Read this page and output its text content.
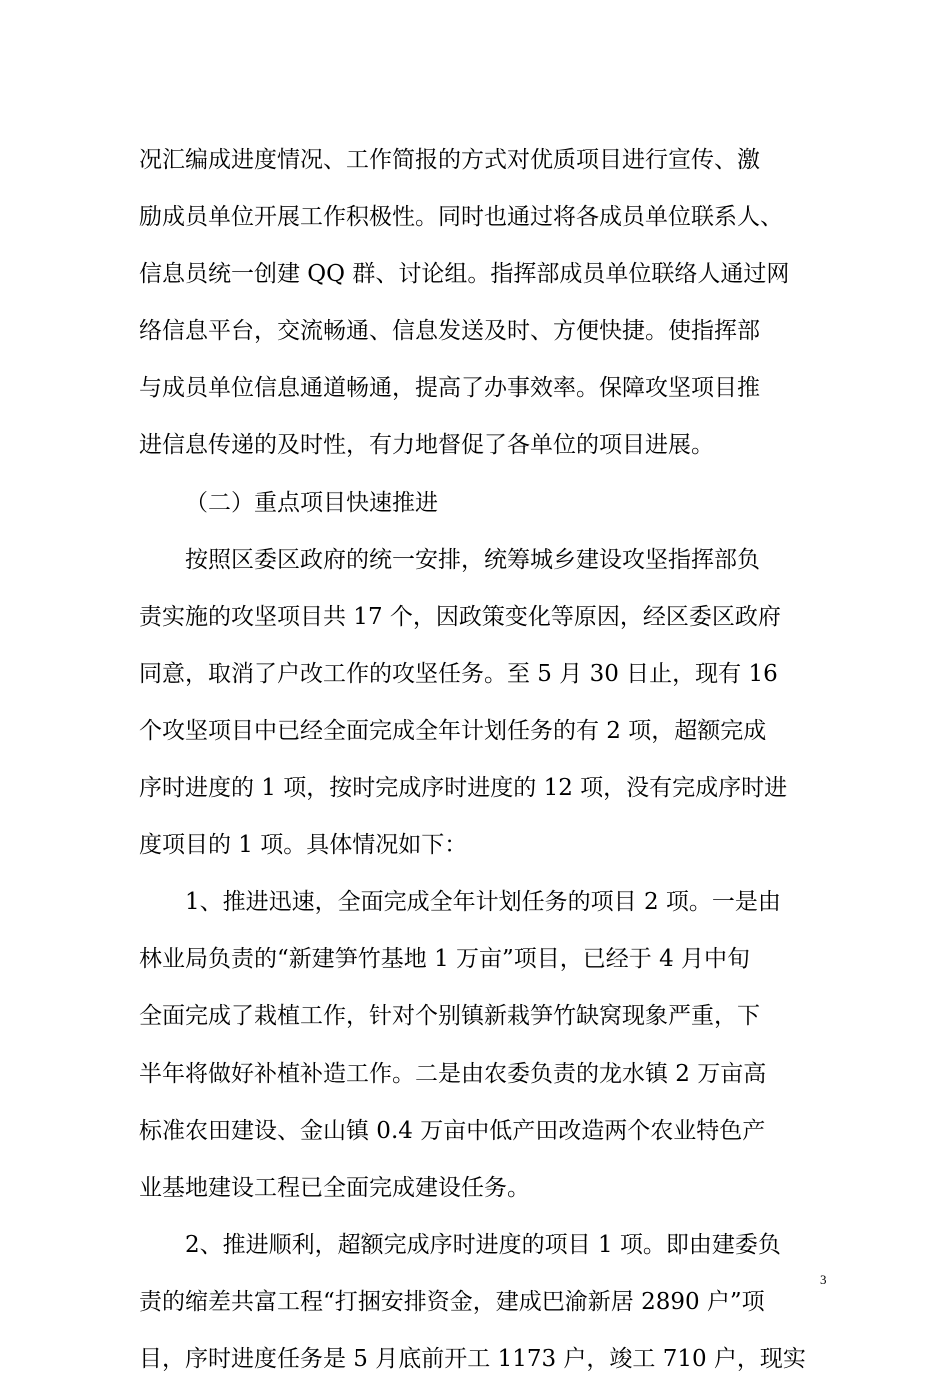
况汇编成进度情况、工作简报的方式对优质项目进行宣传、激
励成员单位开展工作积极性。同时也通过将各成员单位联系人、
信息员统一创建 QQ 群、讨论组。指挥部成员单位联络人通过网
络信息平台，交流畅通、信息发送及时、方便快捷。使指挥部
与成员单位信息通道畅通，提高了办事效率。保障攻坚项目推
进信息传递的及时性，有力地督促了各单位的项目进展。
（二）重点项目快速推进
按照区委区政府的统一安排，统筹城乡建设攻坚指挥部负
责实施的攻坚项目共 17 个，因政策变化等原因，经区委区政府
同意，取消了户改工作的攻坚任务。至 5 月 30 日止，现有 16
个攻坚项目中已经全面完成全年计划任务的有 2 项，超额完成
序时进度的 1 项，按时完成序时进度的 12 项，没有完成序时进
度项目的 1 项。具体情况如下：
1、推进迅速，全面完成全年计划任务的项目 2 项。一是由
林业局负责的“新建笋竹基地 1 万亩”项目，已经于 4 月中旬
全面完成了栽植工作，针对个别镇新栽笋竹缺窝现象严重，下
半年将做好补植补造工作。二是由农委负责的龙水镇 2 万亩高
标准农田建设、金山镇 0.4 万亩中低产田改造两个农业特色产
业基地建设工程已全面完成建设任务。
2、推进顺利，超额完成序时进度的项目 1 项。即由建委负
责的缩差共富工程“打捆安排资金，建成巴渝新居 2890 户”项
目，序时进度任务是 5 月底前开工 1173 户，竣工 710 户，现实
3
